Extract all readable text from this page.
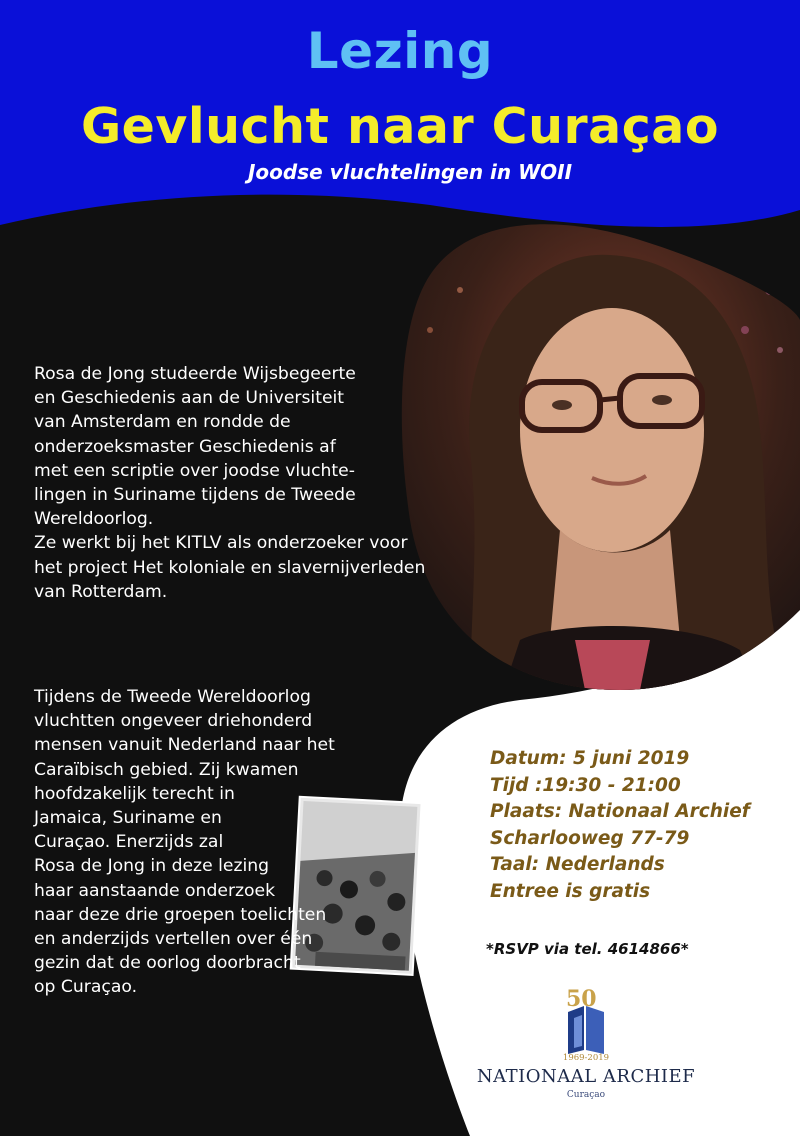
Lezing
Gevlucht naar Curaçao
Joodse vluchtelingen in WOII
Rosa de Jong studeerde Wijsbegeerte
en Geschiedenis aan de Universiteit
van Amsterdam en rondde de
onderzoeksmaster Geschiedenis af
met een scriptie over joodse vluchte-
lingen in Suriname tijdens de Tweede
Wereldoorlog.
Ze werkt bij het KITLV als onderzoeker voor
het project Het koloniale en slavernijverleden
van Rotterdam.
Tijdens de Tweede Wereldoorlog
vluchtten ongeveer driehonderd
mensen vanuit Nederland naar het
Caraïbisch gebied. Zij kwamen
hoofdzakelijk terecht in
Jamaica, Suriname en
Curaçao. Enerzijds zal
Rosa de Jong in deze lezing
haar aanstaande onderzoek
naar deze drie groepen toelichten
en anderzijds vertellen over één
gezin dat de oorlog doorbracht
op Curaçao.
Datum: 5 juni 2019
Tijd :19:30 - 21:00
Plaats: Nationaal Archief
Scharlooweg 77-79
Taal: Nederlands
Entree is gratis
*RSVP via tel. 4614866*
50
1969-2019
NATIONAAL ARCHIEF
Curaçao
